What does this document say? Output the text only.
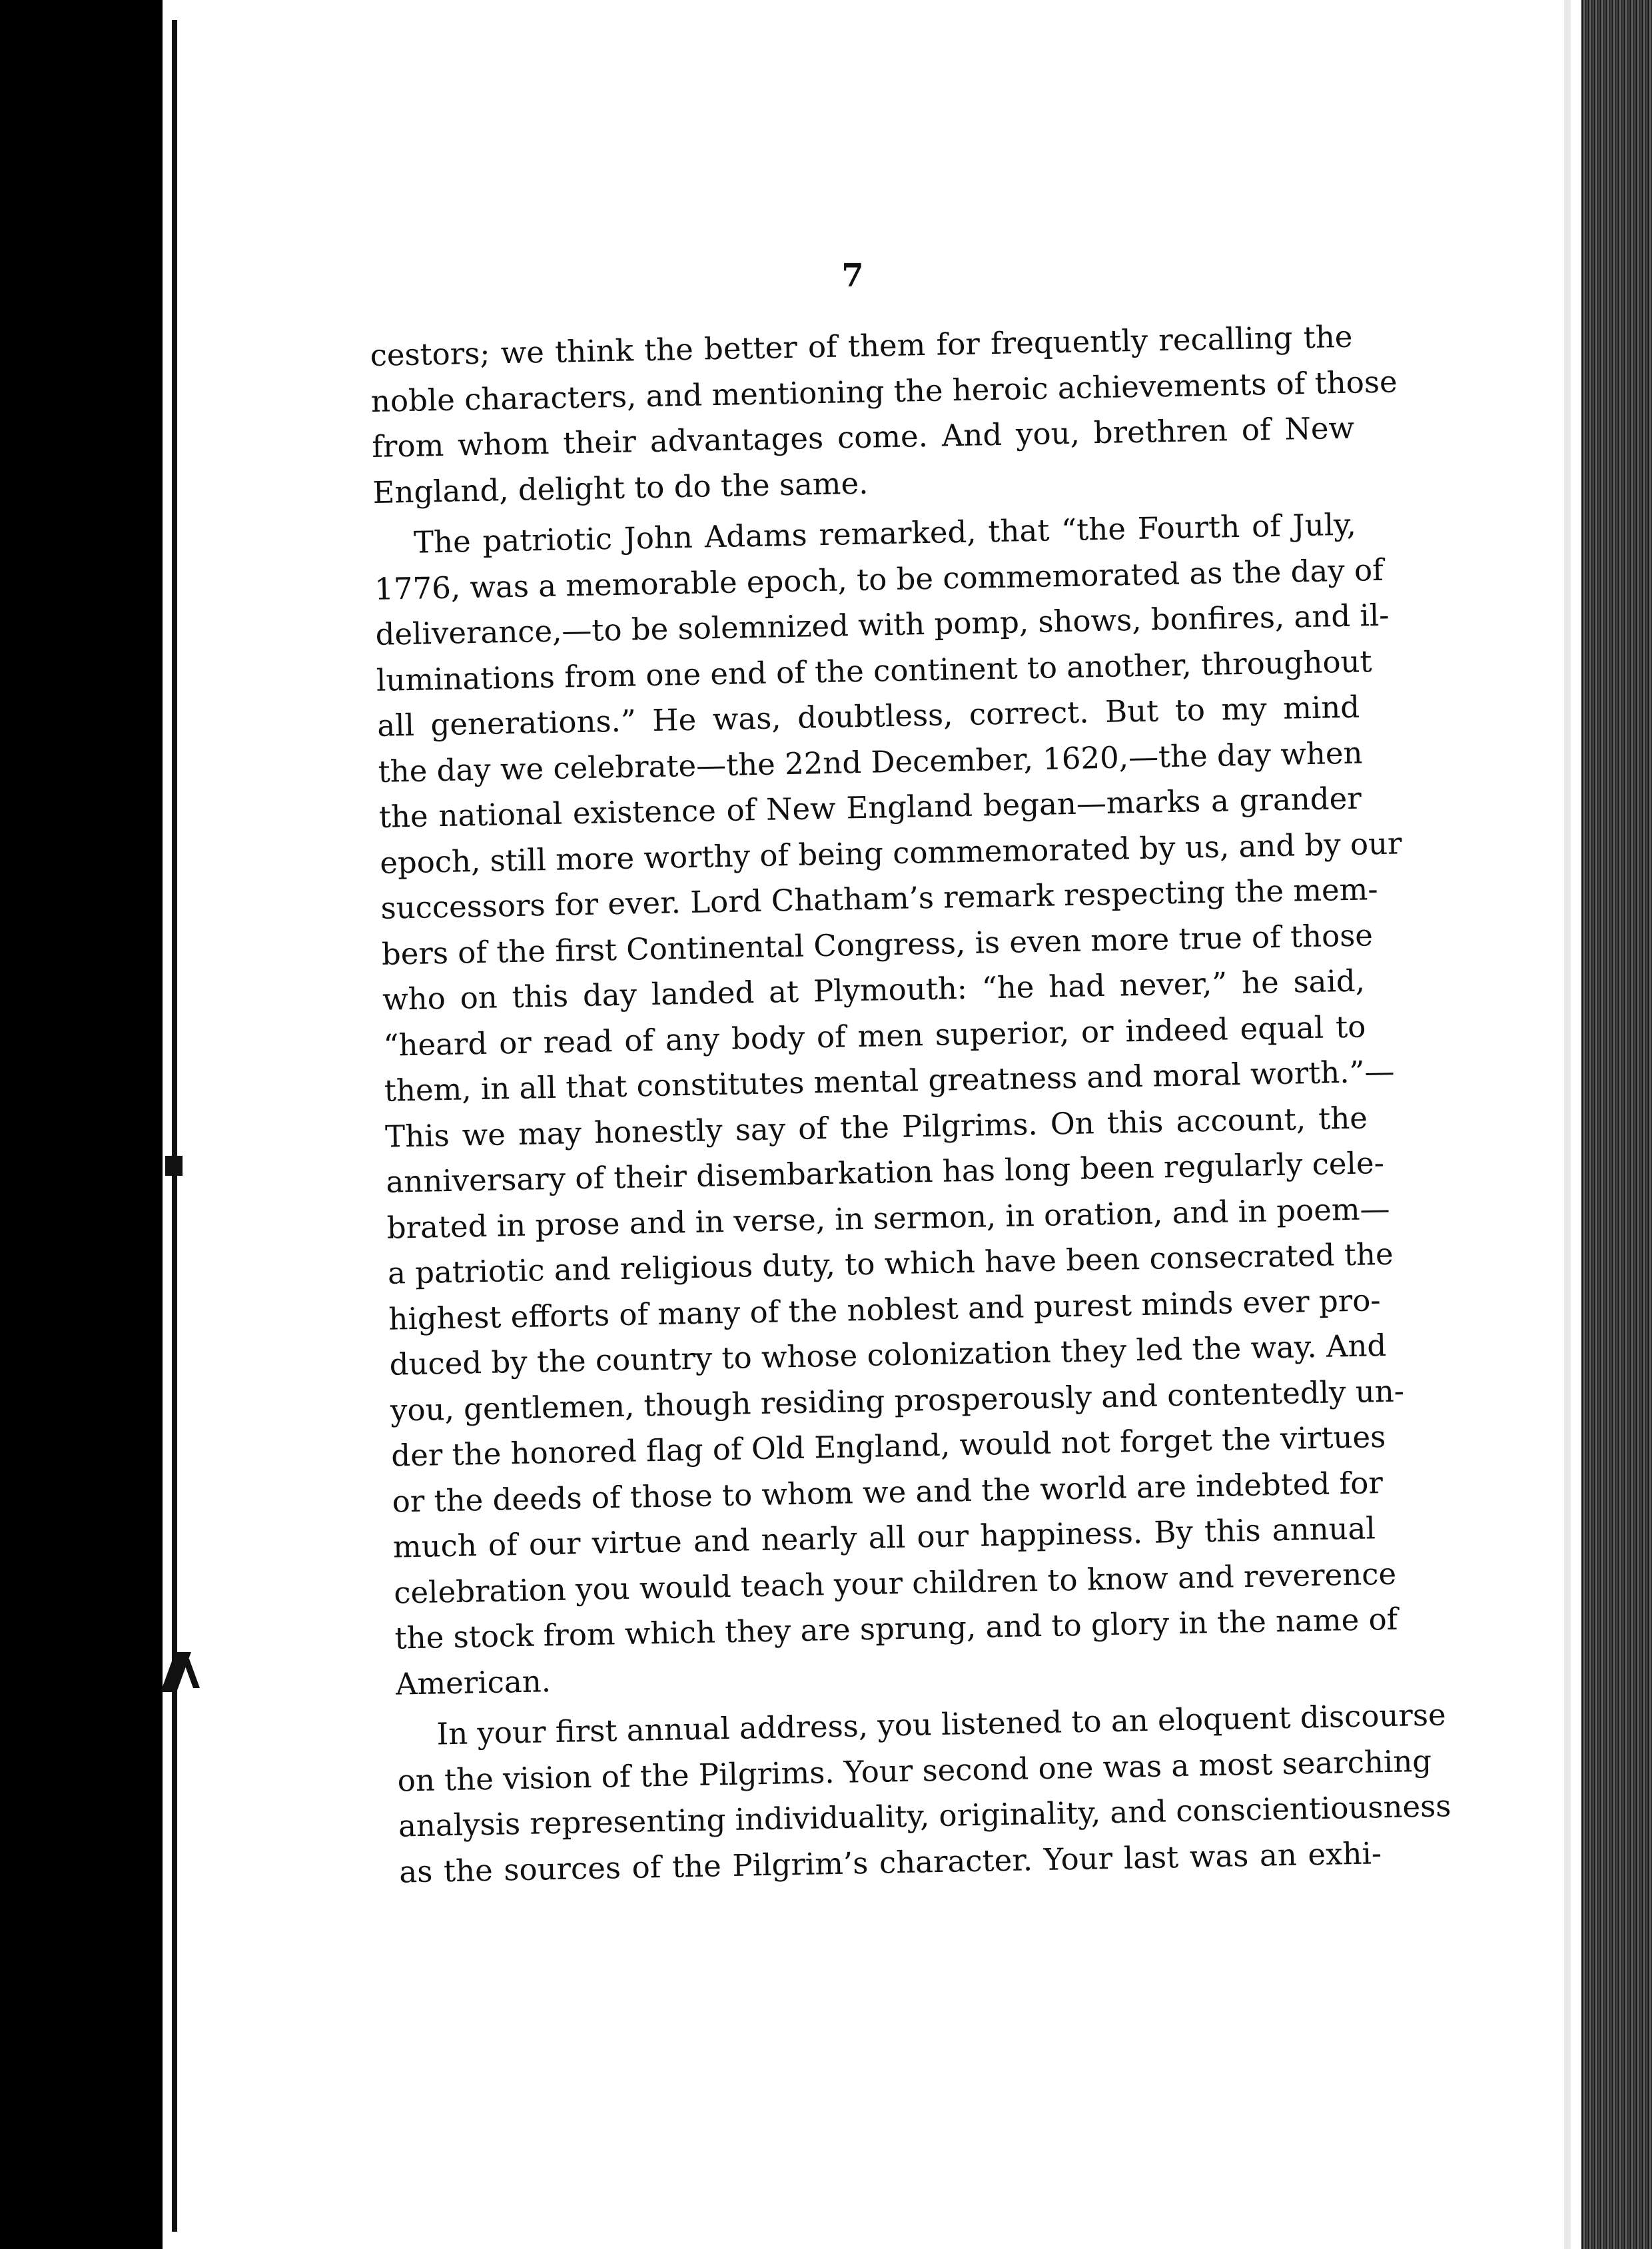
7
cestors; we think the better of them for frequently recalling the
noble characters, and mentioning the heroic achievements of those
from whom their advantages come. And you, brethren of New
England, delight to do the same.
The patriotic John Adams remarked, that “the Fourth of July,
1776, was a memorable epoch, to be commemorated as the day of
deliverance,—to be solemnized with pomp, shows, bonfires, and il-
luminations from one end of the continent to another, throughout
all generations.” He was, doubtless, correct. But to my mind
the day we celebrate—the 22nd December, 1620,—the day when
the national existence of New England began—marks a grander
epoch, still more worthy of being commemorated by us, and by our
successors for ever. Lord Chatham’s remark respecting the mem-
bers of the first Continental Congress, is even more true of those
who on this day landed at Plymouth: “he had never,” he said,
“heard or read of any body of men superior, or indeed equal to
them, in all that constitutes mental greatness and moral worth.”—
This we may honestly say of the Pilgrims. On this account, the
anniversary of their disembarkation has long been regularly cele-
brated in prose and in verse, in sermon, in oration, and in poem—
a patriotic and religious duty, to which have been consecrated the
highest efforts of many of the noblest and purest minds ever pro-
duced by the country to whose colonization they led the way. And
you, gentlemen, though residing prosperously and contentedly un-
der the honored flag of Old England, would not forget the virtues
or the deeds of those to whom we and the world are indebted for
much of our virtue and nearly all our happiness. By this annual
celebration you would teach your children to know and reverence
the stock from which they are sprung, and to glory in the name of
American.
In your first annual address, you listened to an eloquent discourse
on the vision of the Pilgrims. Your second one was a most searching
analysis representing individuality, originality, and conscientiousness
as the sources of the Pilgrim’s character. Your last was an exhi-
